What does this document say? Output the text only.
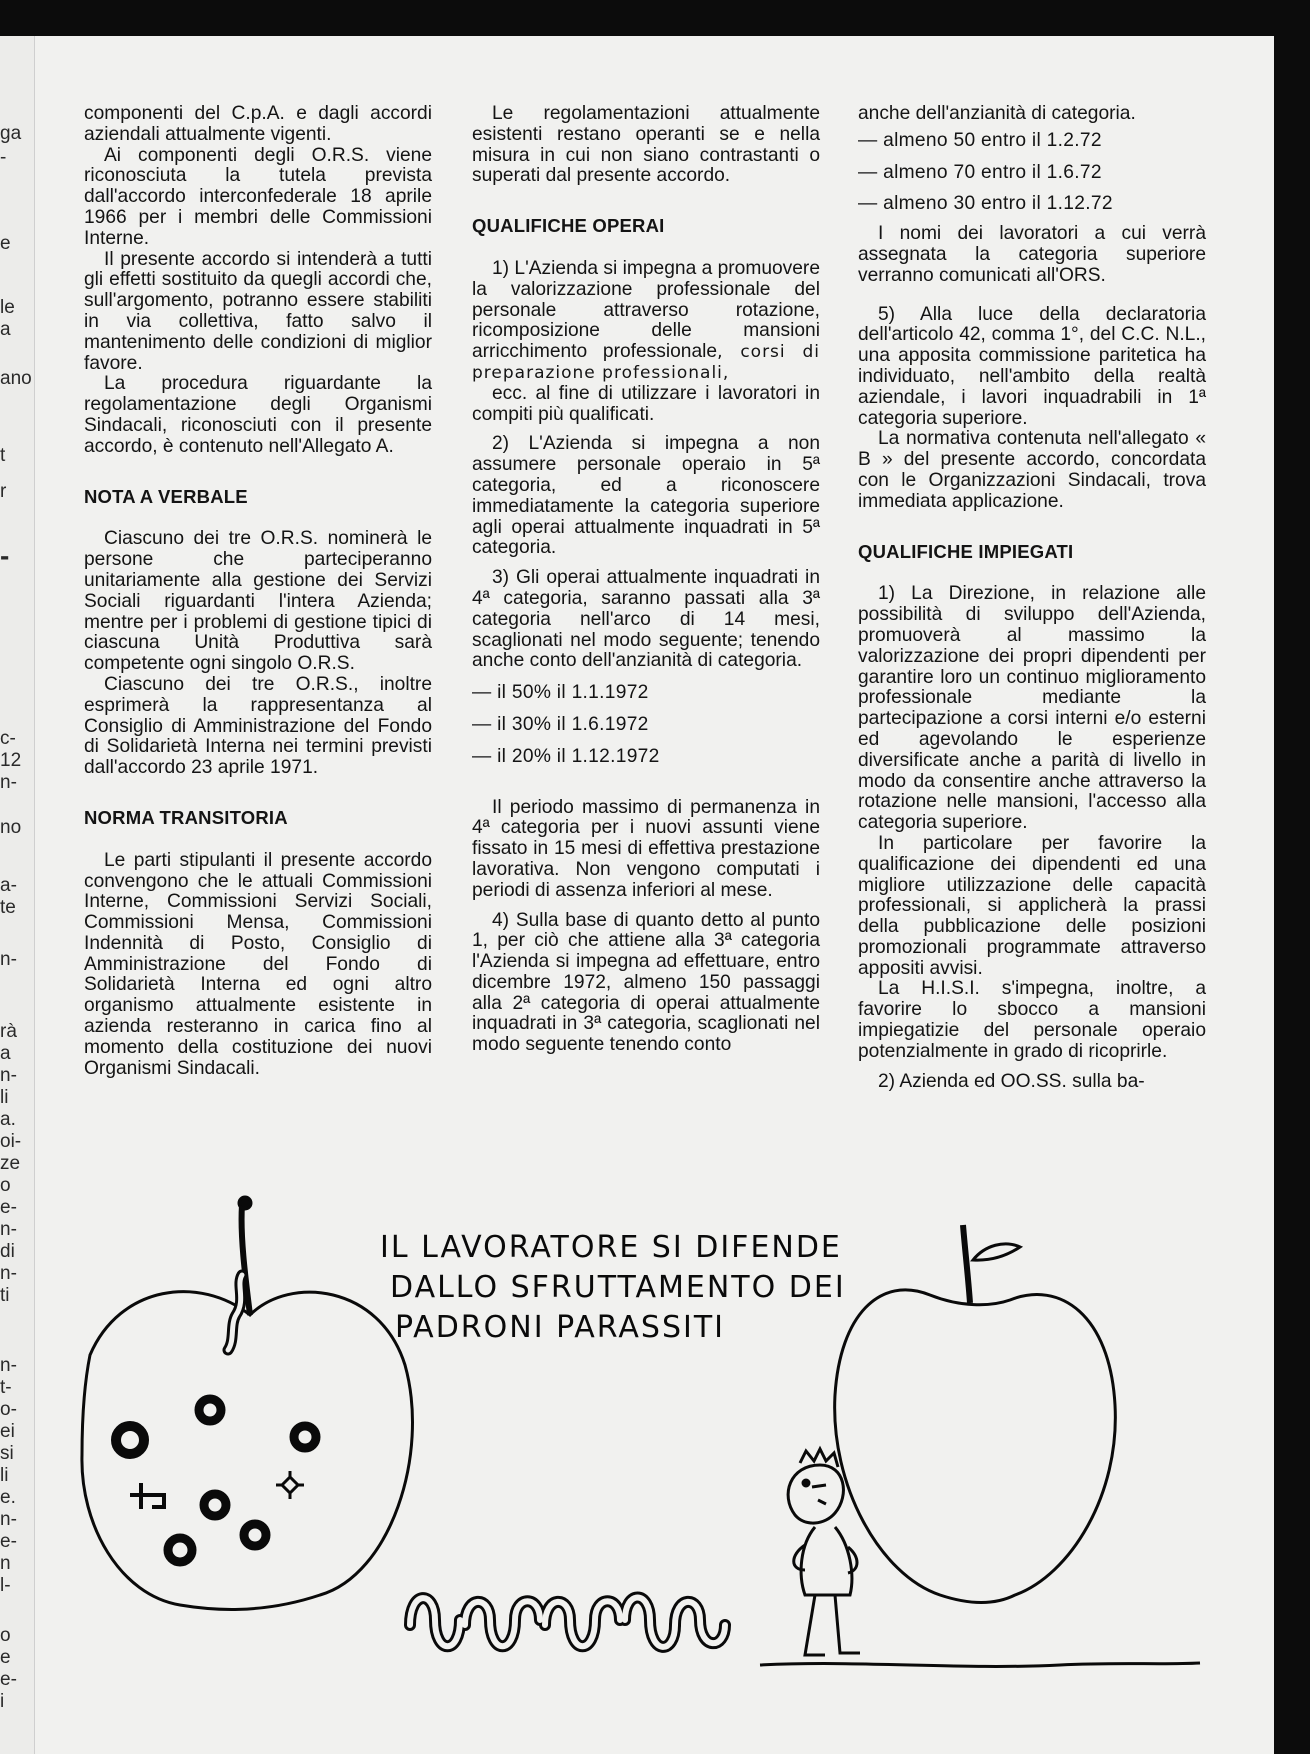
ga
-
e
le
a
ano
t
r
-
c-
12
n-
no
a-
te
n-
rà
a
n-
li
a.
oi-
ze
o
e-
n-
di
n-
ti
n-
t-
o-
ei
si
li
e.
n-
e-
n
l-
o
e
e-
i

componenti del C.p.A. e dagli accordi aziendali attualmente vigenti.

Ai componenti degli O.R.S. viene riconosciuta la tutela prevista dall'accordo interconfederale 18 aprile 1966 per i membri delle Commissioni Interne.

Il presente accordo si intenderà a tutti gli effetti sostituito da quegli accordi che, sull'argomento, potranno essere stabiliti in via collettiva, fatto salvo il mantenimento delle condizioni di miglior favore.

La procedura riguardante la regolamentazione degli Organismi Sindacali, riconosciuti con il presente accordo, è contenuto nell'Allegato A.

NOTA A VERBALE

Ciascuno dei tre O.R.S. nominerà le persone che parteciperanno unitariamente alla gestione dei Servizi Sociali riguardanti l'intera Azienda; mentre per i problemi di gestione tipici di ciascuna Unità Produttiva sarà competente ogni singolo O.R.S.

Ciascuno dei tre O.R.S., inoltre esprimerà la rappresentanza al Consiglio di Amministrazione del Fondo di Solidarietà Interna nei termini previsti dall'accordo 23 aprile 1971.

NORMA TRANSITORIA

Le parti stipulanti il presente accordo convengono che le attuali Commissioni Interne, Commissioni Servizi Sociali, Commissioni Mensa, Commissioni Indennità di Posto, Consiglio di Amministrazione del Fondo di Solidarietà Interna ed ogni altro organismo attualmente esistente in azienda resteranno in carica fino al momento della costituzione dei nuovi Organismi Sindacali.

Le regolamentazioni attualmente esistenti restano operanti se e nella misura in cui non siano contrastanti o superati dal presente accordo.

QUALIFICHE OPERAI

1) L'Azienda si impegna a promuovere la valorizzazione professionale del personale attraverso rotazione, ricomposizione delle mansioni arricchimento professionale, corsi di preparazione professionali,

ecc. al fine di utilizzare i lavoratori in compiti più qualificati.

2) L'Azienda si impegna a non assumere personale operaio in 5ª categoria, ed a riconoscere immediatamente la categoria superiore agli operai attualmente inquadrati in 5ª categoria.

3) Gli operai attualmente inquadrati in 4ª categoria, saranno passati alla 3ª categoria nell'arco di 14 mesi, scaglionati nel modo seguente; tenendo anche conto dell'anzianità di categoria.

— il 50% il 1.1.1972

— il 30% il 1.6.1972

— il 20% il 1.12.1972

Il periodo massimo di permanenza in 4ª categoria per i nuovi assunti viene fissato in 15 mesi di effettiva prestazione lavorativa. Non vengono computati i periodi di assenza inferiori al mese.

4) Sulla base di quanto detto al punto 1, per ciò che attiene alla 3ª categoria l'Azienda si impegna ad effettuare, entro dicembre 1972, almeno 150 passaggi alla 2ª categoria di operai attualmente inquadrati in 3ª categoria, scaglionati nel modo seguente tenendo conto

anche dell'anzianità di categoria.

— almeno 50 entro il 1.2.72

— almeno 70 entro il 1.6.72

— almeno 30 entro il 1.12.72

I nomi dei lavoratori a cui verrà assegnata la categoria superiore verranno comunicati all'ORS.

5) Alla luce della declaratoria dell'articolo 42, comma 1°, del C.C. N.L., una apposita commissione paritetica ha individuato, nell'ambito della realtà aziendale, i lavori inquadrabili in 1ª categoria superiore.

La normativa contenuta nell'allegato « B » del presente accordo, concordata con le Organizzazioni Sindacali, trova immediata applicazione.

QUALIFICHE IMPIEGATI

1) La Direzione, in relazione alle possibilità di sviluppo dell'Azienda, promuoverà al massimo la valorizzazione dei propri dipendenti per garantire loro un continuo miglioramento professionale mediante la partecipazione a corsi interni e/o esterni ed agevolando le esperienze diversificate anche a parità di livello in modo da consentire anche attraverso la rotazione nelle mansioni, l'accesso alla categoria superiore.

In particolare per favorire la qualificazione dei dipendenti ed una migliore utilizzazione delle capacità professionali, si applicherà la prassi della pubblicazione delle posizioni promozionali programmate attraverso appositi avvisi.

La H.I.S.I. s'impegna, inoltre, a favorire lo sbocco a mansioni impiegatizie del personale operaio potenzialmente in grado di ricoprirle.

2) Azienda ed OO.SS. sulla ba-

IL LAVORATORE SI DIFENDE
DALLO SFRUTTAMENTO DEI
PADRONI PARASSITI
